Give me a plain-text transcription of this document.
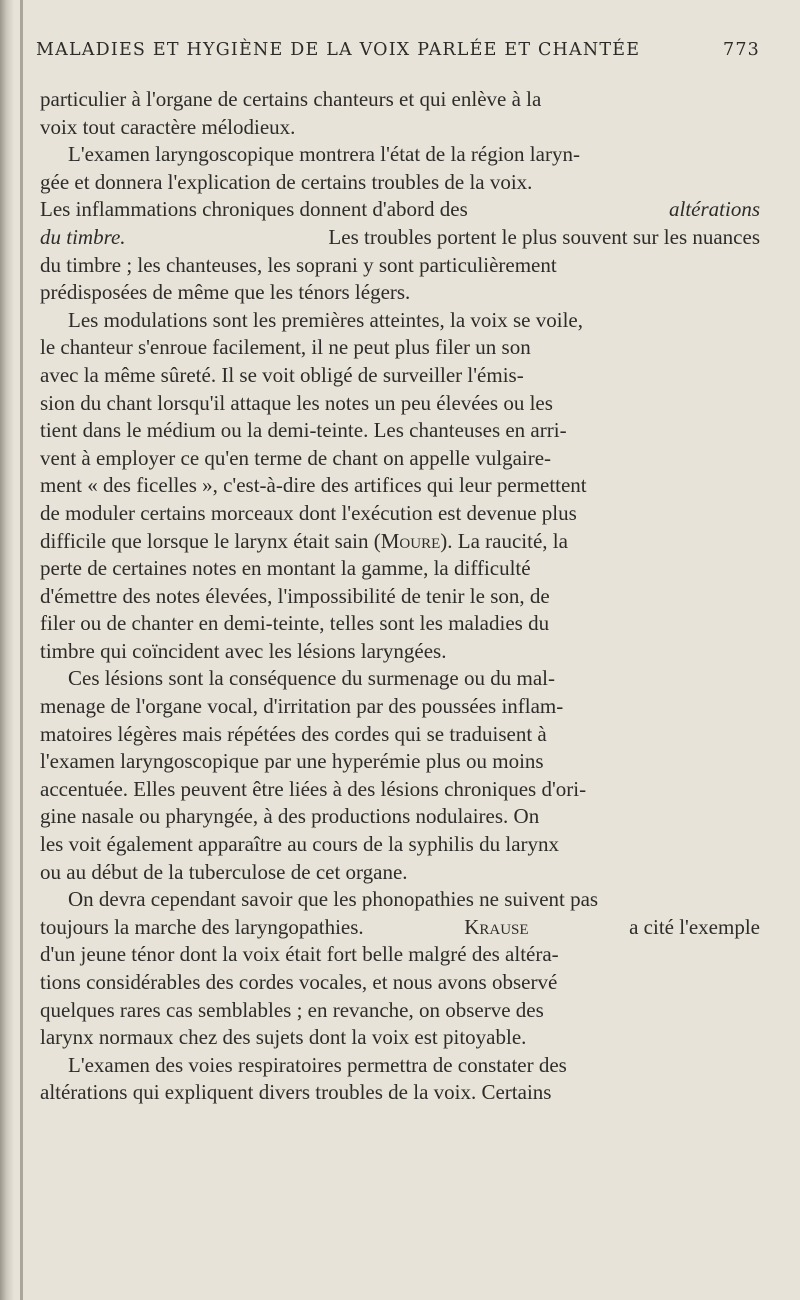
MALADIES ET HYGIÈNE DE LA VOIX PARLÉE ET CHANTÉE	773
particulier à l'organe de certains chanteurs et qui enlève à la
voix tout caractère mélodieux.
L'examen laryngoscopique montrera l'état de la région laryn-
gée et donnera l'explication de certains troubles de la voix.
Les inflammations chroniques donnent d'abord des	altérations
du timbre.	Les troubles portent le plus souvent sur les nuances
du timbre ; les chanteuses, les soprani y sont particulièrement
prédisposées de même que les ténors légers.
Les modulations sont les premières atteintes, la voix se voile,
le chanteur s'enroue facilement, il ne peut plus filer un son
avec la même sûreté. Il se voit obligé de surveiller l'émis-
sion du chant lorsqu'il attaque les notes un peu élevées ou les
tient dans le médium ou la demi-teinte. Les chanteuses en arri-
vent à employer ce qu'en terme de chant on appelle vulgaire-
ment « des ficelles », c'est-à-dire des artifices qui leur permettent
de moduler certains morceaux dont l'exécution est devenue plus
difficile que lorsque le larynx était sain (Moure). La raucité, la
perte de certaines notes en montant la gamme, la difficulté
d'émettre des notes élevées, l'impossibilité de tenir le son, de
filer ou de chanter en demi-teinte, telles sont les maladies du
timbre qui coïncident avec les lésions laryngées.
Ces lésions sont la conséquence du surmenage ou du mal-
menage de l'organe vocal, d'irritation par des poussées inflam-
matoires légères mais répétées des cordes qui se traduisent à
l'examen laryngoscopique par une hyperémie plus ou moins
accentuée. Elles peuvent être liées à des lésions chroniques d'ori-
gine nasale ou pharyngée, à des productions nodulaires. On
les voit également apparaître au cours de la syphilis du larynx
ou au début de la tuberculose de cet organe.
On devra cependant savoir que les phonopathies ne suivent pas
toujours la marche des laryngopathies.	Krause	a cité l'exemple
d'un jeune ténor dont la voix était fort belle malgré des altéra-
tions considérables des cordes vocales, et nous avons observé
quelques rares cas semblables ; en revanche, on observe des
larynx normaux chez des sujets dont la voix est pitoyable.
L'examen des voies respiratoires permettra de constater des
altérations qui expliquent divers troubles de la voix. Certains
